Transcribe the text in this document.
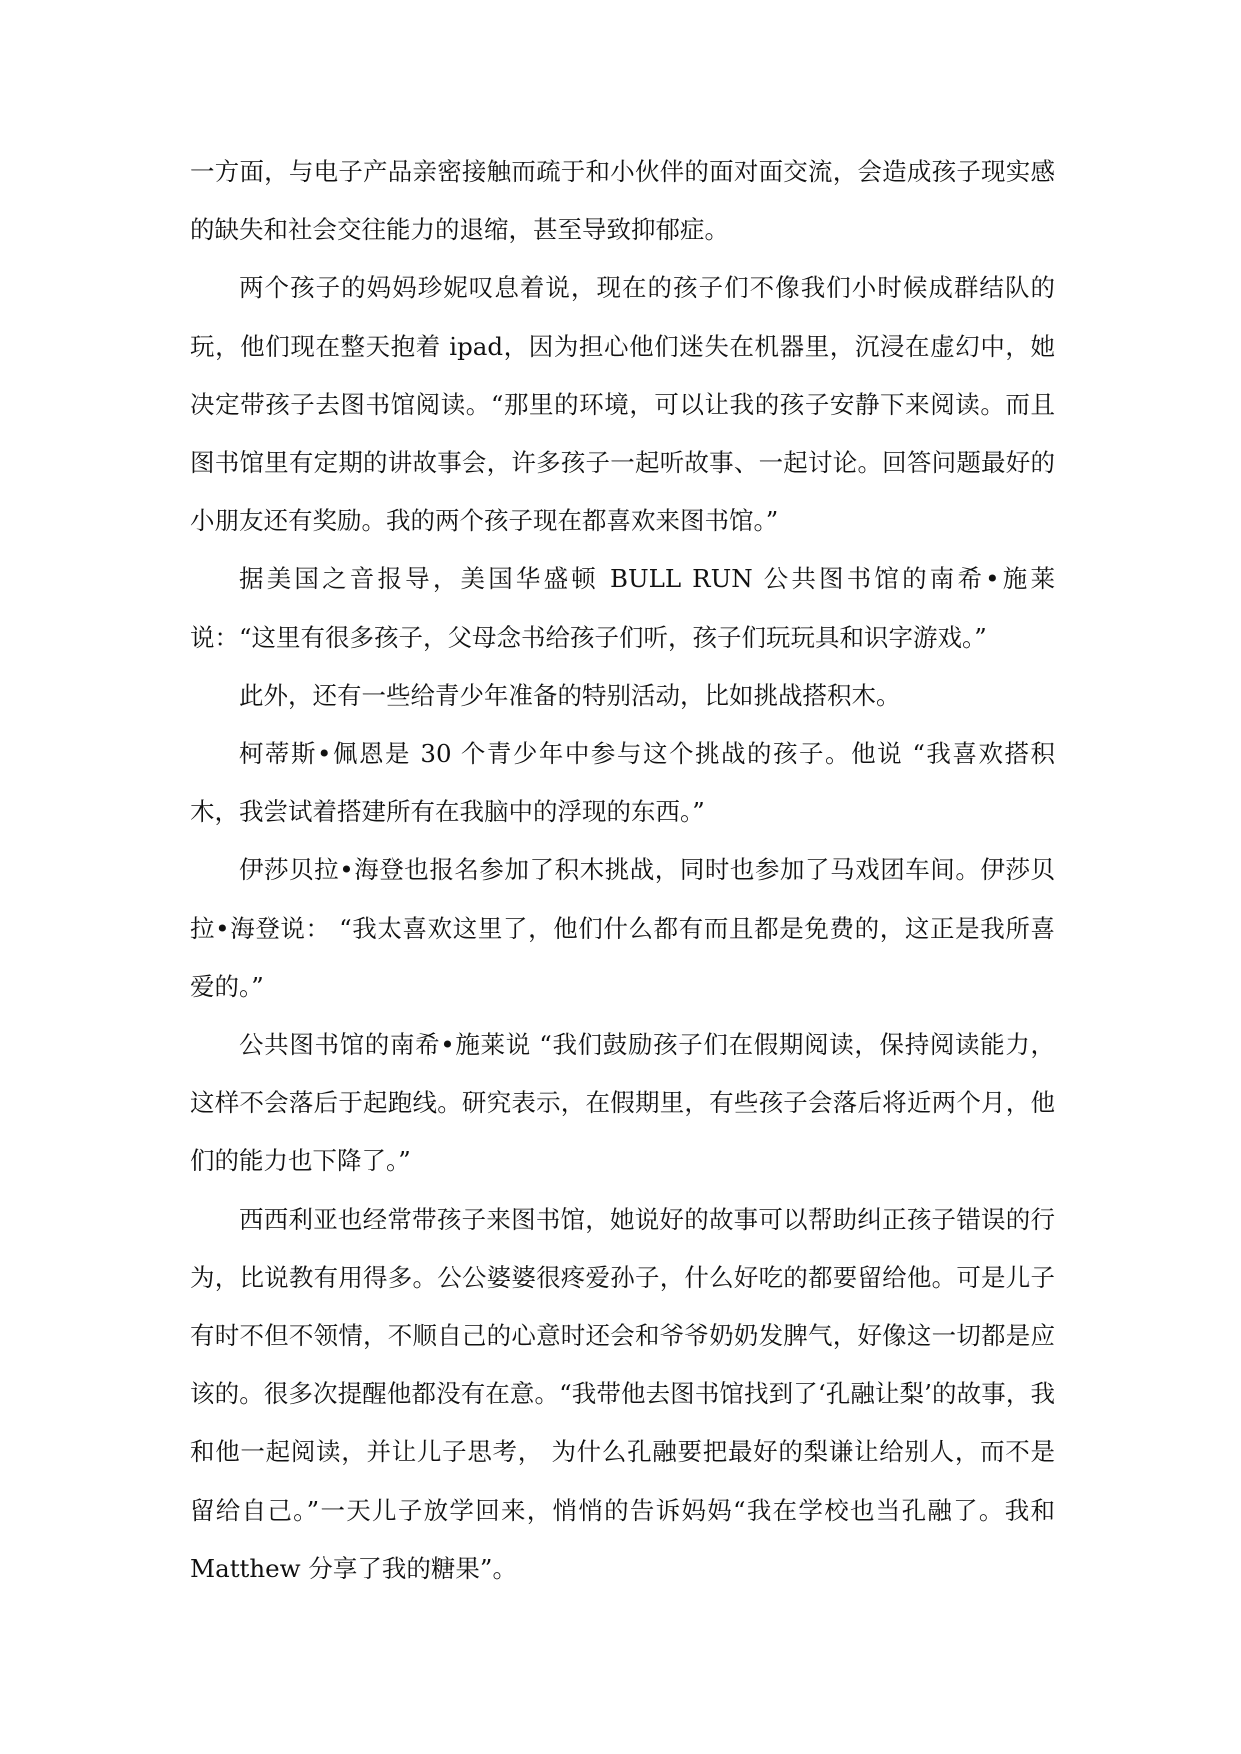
一方面，与电子产品亲密接触而疏于和小伙伴的面对面交流，会造成孩子现实感的缺失和社会交往能力的退缩，甚至导致抑郁症。

两个孩子的妈妈珍妮叹息着说，现在的孩子们不像我们小时候成群结队的玩，他们现在整天抱着 ipad，因为担心他们迷失在机器里，沉浸在虚幻中，她决定带孩子去图书馆阅读。“那里的环境，可以让我的孩子安静下来阅读。而且图书馆里有定期的讲故事会，许多孩子一起听故事、一起讨论。回答问题最好的小朋友还有奖励。我的两个孩子现在都喜欢来图书馆。”

据美国之音报导，美国华盛顿 BULL RUN 公共图书馆的南希•施莱说：“这里有很多孩子，父母念书给孩子们听，孩子们玩玩具和识字游戏。”

此外，还有一些给青少年准备的特别活动，比如挑战搭积木。

柯蒂斯•佩恩是 30 个青少年中参与这个挑战的孩子。他说 “我喜欢搭积木，我尝试着搭建所有在我脑中的浮现的东西。”

伊莎贝拉•海登也报名参加了积木挑战，同时也参加了马戏团车间。伊莎贝拉•海登说： “我太喜欢这里了，他们什么都有而且都是免费的，这正是我所喜爱的。”

公共图书馆的南希•施莱说 “我们鼓励孩子们在假期阅读，保持阅读能力，这样不会落后于起跑线。研究表示，在假期里，有些孩子会落后将近两个月，他们的能力也下降了。”

西西利亚也经常带孩子来图书馆，她说好的故事可以帮助纠正孩子错误的行为，比说教有用得多。公公婆婆很疼爱孙子，什么好吃的都要留给他。可是儿子有时不但不领情，不顺自己的心意时还会和爷爷奶奶发脾气，好像这一切都是应该的。很多次提醒他都没有在意。“我带他去图书馆找到了‘孔融让梨’的故事，我和他一起阅读，并让儿子思考， 为什么孔融要把最好的梨谦让给别人，而不是留给自己。”一天儿子放学回来，悄悄的告诉妈妈“我在学校也当孔融了。我和 Matthew 分享了我的糖果”。
